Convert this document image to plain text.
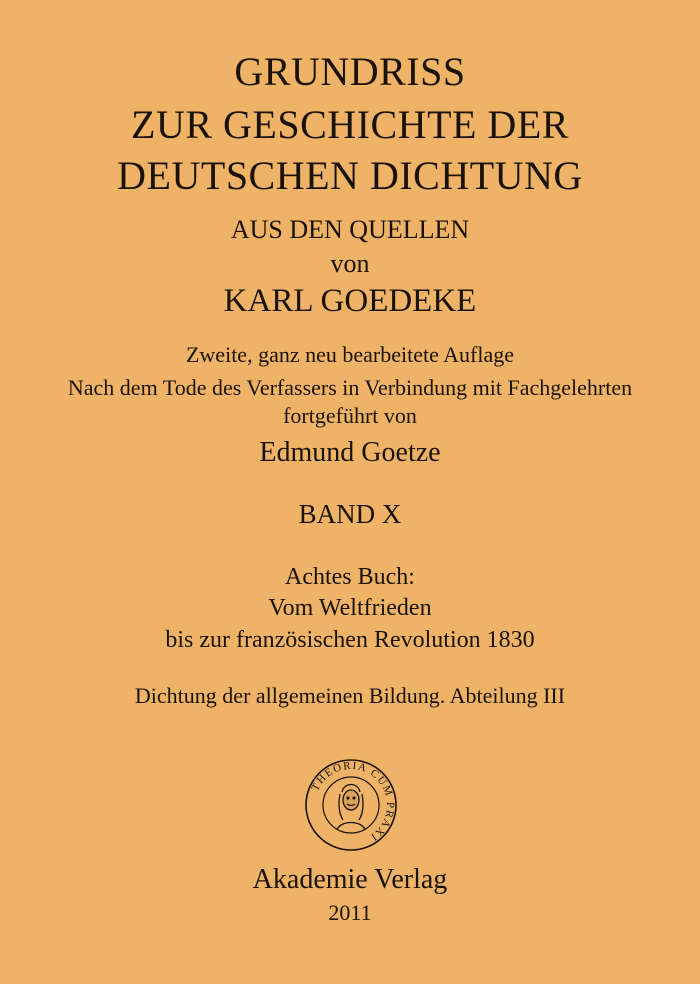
GRUNDRISS
ZUR GESCHICHTE DER
DEUTSCHEN DICHTUNG
AUS DEN QUELLEN
von
KARL GOEDEKE
Zweite, ganz neu bearbeitete Auflage
Nach dem Tode des Verfassers in Verbindung mit Fachgelehrten
fortgeführt von
Edmund Goetze
BAND X
Achtes Buch:
Vom Weltfrieden
bis zur französischen Revolution 1830
Dichtung der allgemeinen Bildung. Abteilung III
THEORIA CUM PRAXI
Akademie Verlag
2011
